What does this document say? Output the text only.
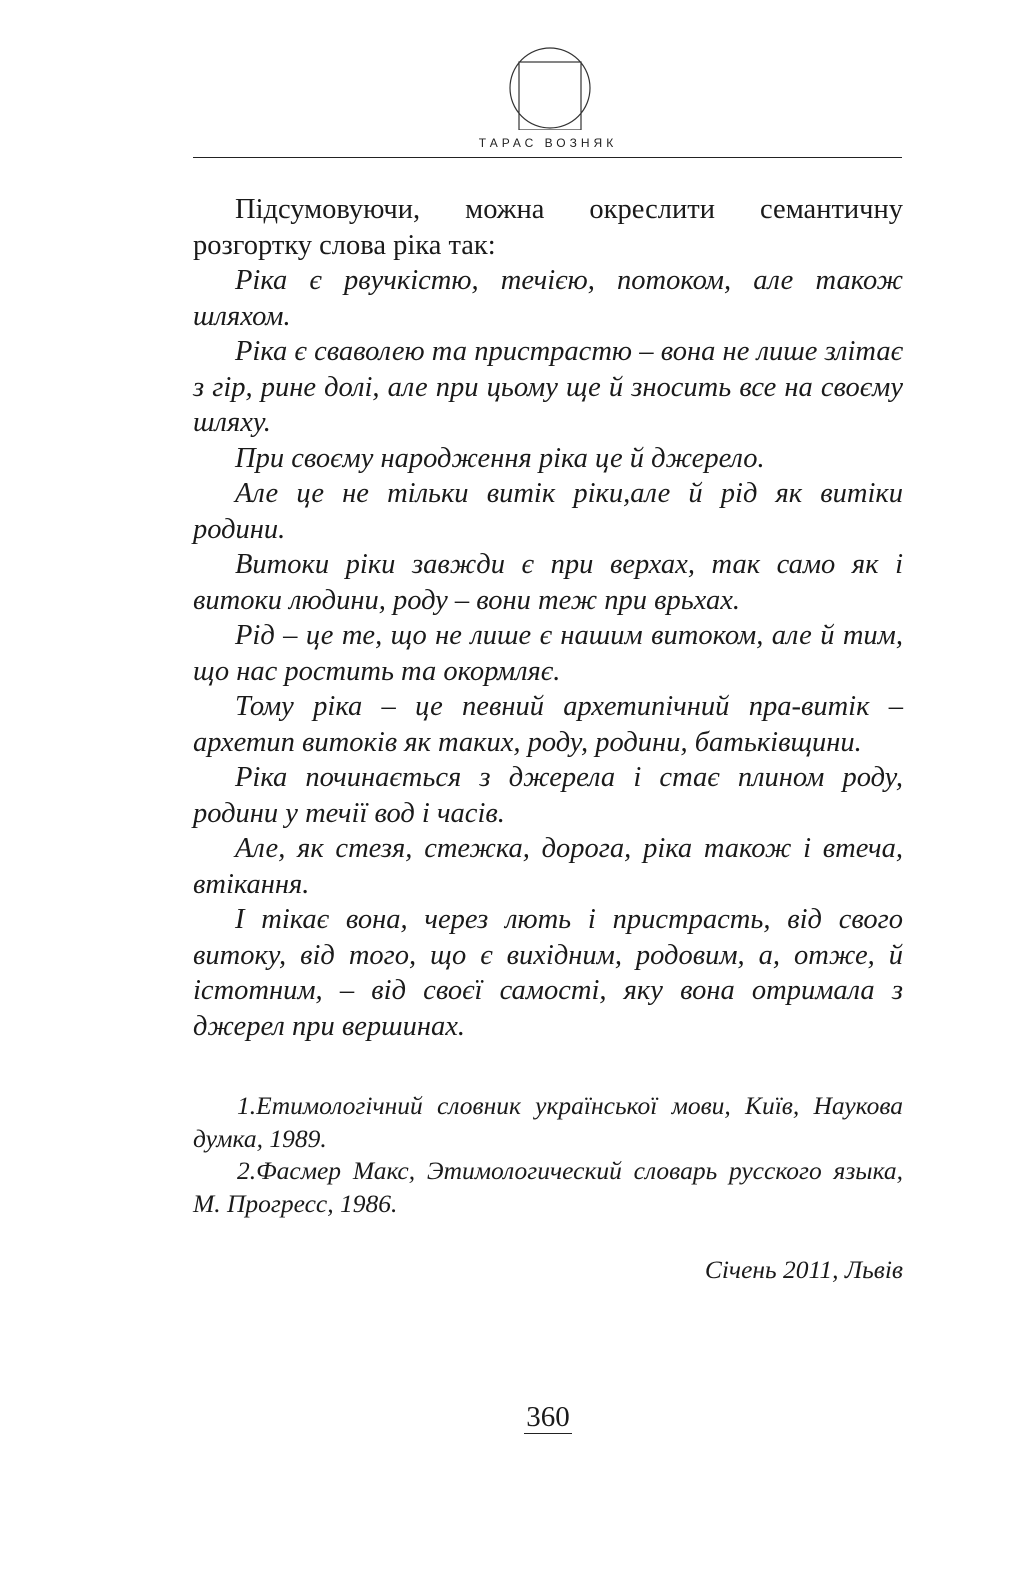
ТАРАС ВОЗНЯК

Підсумовуючи, можна окреслити семантичну розгортку слова ріка так:

Ріка є рвучкістю, течією, потоком, але також шляхом.

Ріка є сваволею та пристрастю – вона не лише злітає з гір, рине долі, але при цьому ще й зносить все на своєму шляху.

При своєму народження ріка це й джерело.

Але це не тільки витік ріки,але й рід як витіки родини.

Витоки ріки завжди є при верхах, так само як і витоки людини, роду – вони теж при врьхах.

Рід – це те, що не лише є нашим витоком, але й тим, що нас ростить та окормляє.

Тому ріка – це певний архетипічний пра-витік – архетип витоків як таких, роду, родини, батьківщини.

Ріка починається з джерела і стає плином роду, родини у течії вод і часів.

Але, як стезя, стежка, дорога, ріка також і втеча, втікання.

І тікає вона, через лють і пристрасть, від свого витоку, від того, що є вихідним, родовим, а, отже, й істотним, – від своєї самості, яку вона отримала з джерел при вершинах.

1.Етимологічний словник української мови, Київ, Наукова думка, 1989.

2.Фасмер Макс, Этимологический словарь русского языка, М. Прогресс, 1986.

Січень 2011, Львів
360
